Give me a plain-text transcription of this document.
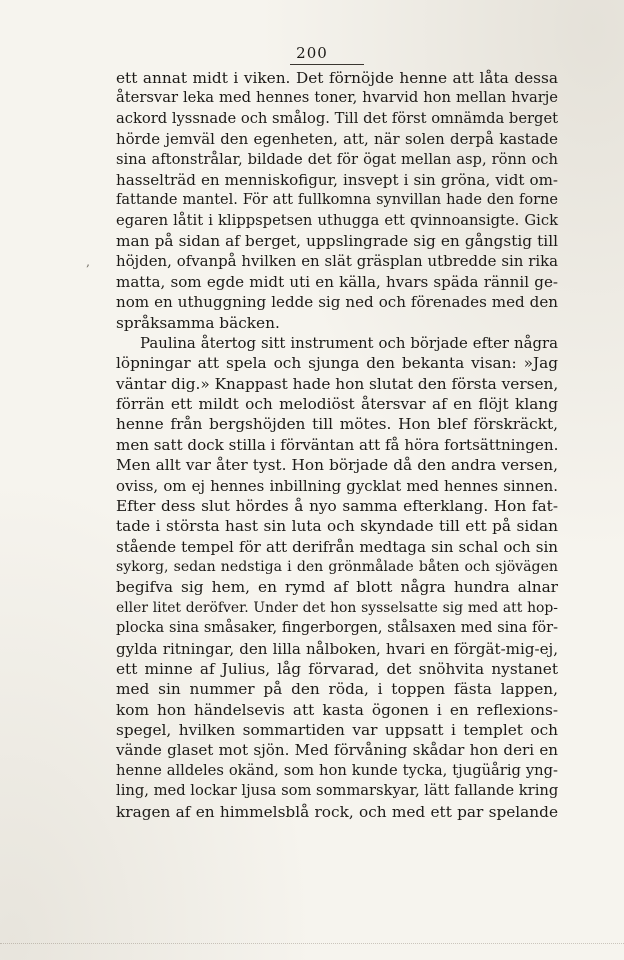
200
‚
ett annat midt i viken. Det förnöjde henne att låta dessa
återsvar leka med hennes toner, hvarvid hon mellan hvarje
ackord lyssnade och smålog. Till det först omnämda berget
hörde jemväl den egenheten, att, när solen derpå kastade
sina aftonstrålar, bildade det för ögat mellan asp, rönn och
hasselträd en menniskofigur, insvept i sin gröna, vidt om-
fattande mantel. För att fullkomna synvillan hade den forne
egaren låtit i klippspetsen uthugga ett qvinnoansigte. Gick
man på sidan af berget, uppslingrade sig en gångstig till
höjden, ofvanpå hvilken en slät gräsplan utbredde sin rika
matta, som egde midt uti en källa, hvars späda rännil ge-
nom en uthuggning ledde sig ned och förenades med den
språksamma bäcken.
Paulina återtog sitt instrument och började efter några
löpningar att spela och sjunga den bekanta visan: »Jag
väntar dig.» Knappast hade hon slutat den första versen,
förrän ett mildt och melodiöst återsvar af en flöjt klang
henne från bergshöjden till mötes. Hon blef förskräckt,
men satt dock stilla i förväntan att få höra fortsättningen.
Men allt var åter tyst. Hon började då den andra versen,
oviss, om ej hennes inbillning gycklat med hennes sinnen.
Efter dess slut hördes å nyo samma efterklang. Hon fat-
tade i största hast sin luta och skyndade till ett på sidan
stående tempel för att derifrån medtaga sin schal och sin
sykorg, sedan nedstiga i den grönmålade båten och sjövägen
begifva sig hem, en rymd af blott några hundra alnar
eller litet deröfver. Under det hon sysselsatte sig med att hop-
plocka sina småsaker, fingerborgen, stålsaxen med sina för-
gylda ritningar, den lilla nålboken, hvari en förgät-mig-ej,
ett minne af Julius, låg förvarad, det snöhvita nystanet
med sin nummer på den röda, i toppen fästa lappen,
kom hon händelsevis att kasta ögonen i en reflexions-
spegel, hvilken sommartiden var uppsatt i templet och
vände glaset mot sjön. Med förvåning skådar hon deri en
henne alldeles okänd, som hon kunde tycka, tjugüårig yng-
ling, med lockar ljusa som sommarskyar, lätt fallande kring
kragen af en himmelsblå rock, och med ett par spelande
